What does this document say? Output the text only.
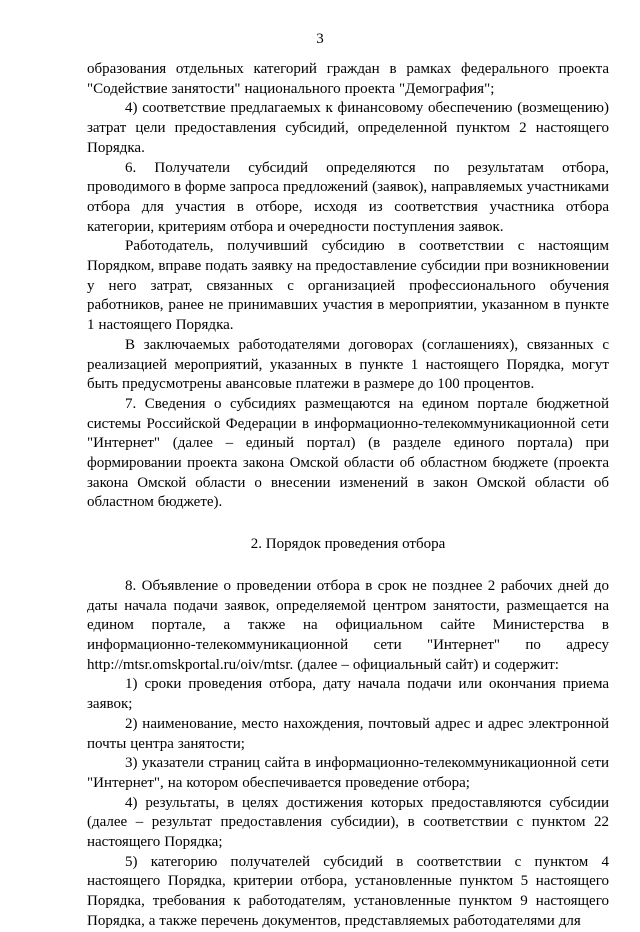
3

образования отдельных категорий граждан в рамках федерального проекта "Содействие занятости" национального проекта "Демография";

4) соответствие предлагаемых к финансовому обеспечению (возмещению) затрат цели предоставления субсидий, определенной пунктом 2 настоящего Порядка.

6. Получатели субсидий определяются по результатам отбора, проводимого в форме запроса предложений (заявок), направляемых участниками отбора для участия в отборе, исходя из соответствия участника отбора категории, критериям отбора и очередности поступления заявок.

Работодатель, получивший субсидию в соответствии с настоящим Порядком, вправе подать заявку на предоставление субсидии при возникновении у него затрат, связанных с организацией профессионального обучения работников, ранее не принимавших участия в мероприятии, указанном в пункте 1 настоящего Порядка.

В заключаемых работодателями договорах (соглашениях), связанных с реализацией мероприятий, указанных в пункте 1 настоящего Порядка, могут быть предусмотрены авансовые платежи в размере до 100 процентов.

7. Сведения о субсидиях размещаются на едином портале бюджетной системы Российской Федерации в информационно-телекоммуникационной сети "Интернет" (далее – единый портал) (в разделе единого портала) при формировании проекта закона Омской области об областном бюджете (проекта закона Омской области о внесении изменений в закон Омской области об областном бюджете).

2. Порядок проведения отбора

8. Объявление о проведении отбора в срок не позднее 2 рабочих дней до даты начала подачи заявок, определяемой центром занятости, размещается на едином портале, а также на официальном сайте Министерства в информационно-телекоммуникационной сети "Интернет" по адресу http://mtsr.omskportal.ru/oiv/mtsr. (далее – официальный сайт) и содержит:

1) сроки проведения отбора, дату начала подачи или окончания приема заявок;

2) наименование, место нахождения, почтовый адрес и адрес электронной почты центра занятости;

3) указатели страниц сайта в информационно-телекоммуникационной сети "Интернет", на котором обеспечивается проведение отбора;

4) результаты, в целях достижения которых предоставляются субсидии (далее – результат предоставления субсидии), в соответствии с пунктом 22 настоящего Порядка;

5) категорию получателей субсидий в соответствии с пунктом 4 настоящего Порядка, критерии отбора, установленные пунктом 5 настоящего Порядка, требования к работодателям, установленные пунктом 9 настоящего Порядка, а также перечень документов, представляемых работодателями для
